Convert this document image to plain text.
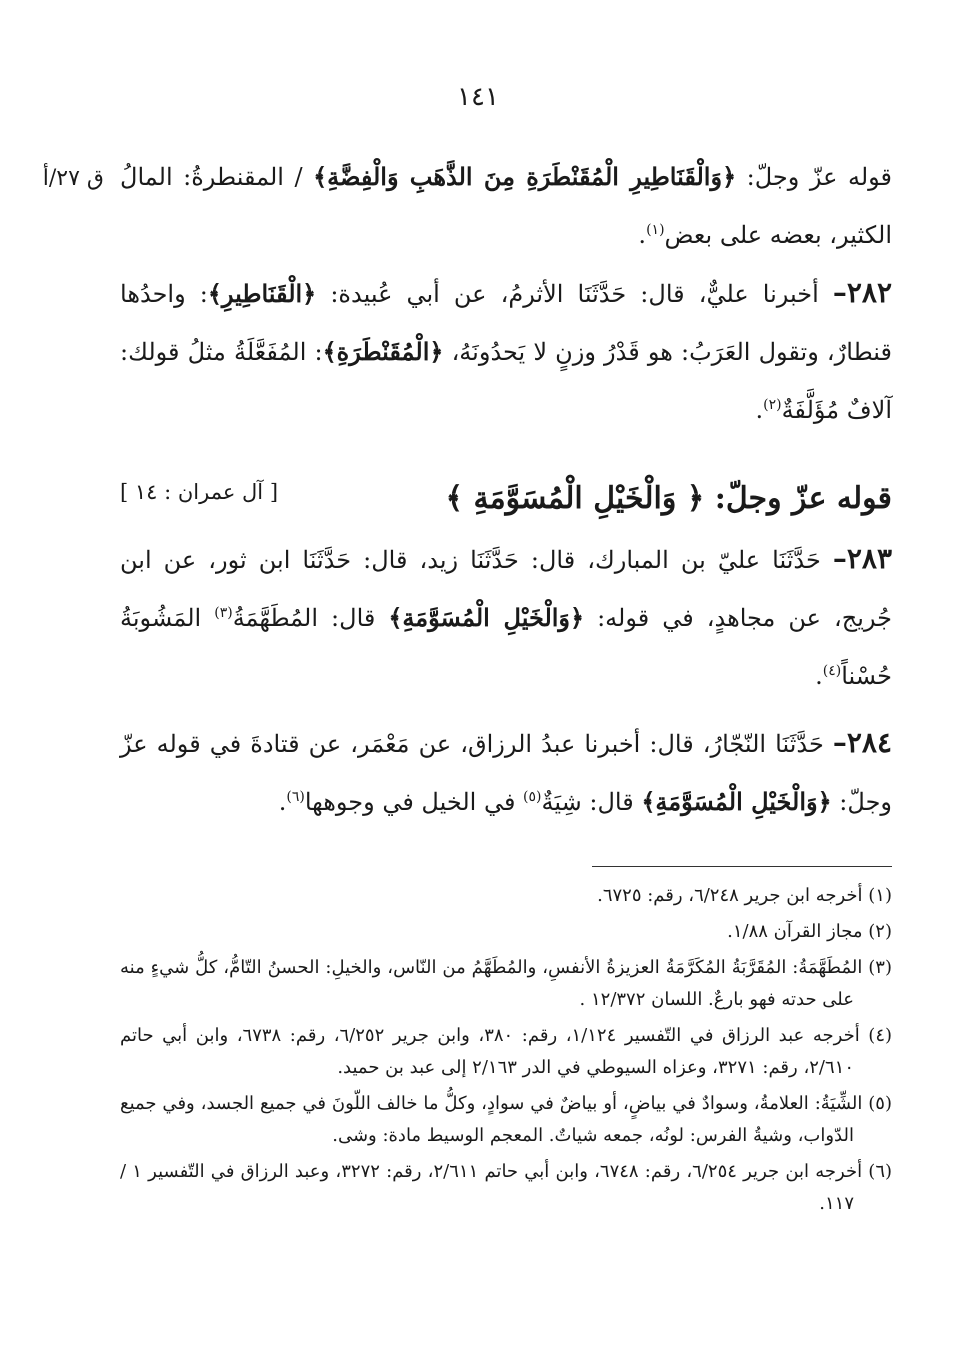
١٤١
ق ٢٧/أ	قوله عزّ وجلّ: ﴿وَالْقَنَاطِيرِ الْمُقَنْطَرَةِ مِنَ الذَّهَبِ وَالْفِضَّةِ﴾ / المقنطرةُ: المالُ الكثير، بعضه على بعض$^{(١)}$.
٢٨٢– أخبرنا عليٌّ، قال: حَدَّثَنَا الأثرمُ، عن أبي عُبيدة: ﴿الْقَنَاطِيرِ﴾: واحدُها قنطارٌ، وتقول العَرَبُ: هو قَدْرُ وزنٍ لا يَحدُونَهُ، ﴿الْمُقَنْطَرَةِ﴾: المُفَعَّلَةُ مثلُ قولك: آلافٌ مُؤَلَّفَةٌ$^{(٢)}$.
قوله عزّ وجلّ: ﴿ وَالْخَيْلِ الْمُسَوَّمَةِ ﴾
[ آل عمران : ١٤ ]
٢٨٣– حَدَّثَنَا عليّ بن المبارك، قال: حَدَّثَنَا زيد، قال: حَدَّثَنَا ابن ثور، عن ابن جُريج، عن مجاهدٍ، في قوله: ﴿وَالْخَيْلِ الْمُسَوَّمَةِ﴾ قال: المُطَهَّمَةُ$^{(٣)}$ المَشُوبَةُ حُسْناً$^{(٤)}$.
٢٨٤– حَدَّثَنَا النّجّارُ، قال: أخبرنا عبدُ الرزاق، عن مَعْمَر، عن قتادةَ في قوله عزّ وجلّ: ﴿وَالْخَيْلِ الْمُسَوَّمَةِ﴾ قال: شِيَةٌ$^{(٥)}$ في الخيل في وجوهها$^{(٦)}$.

(١) أخرجه ابن جرير ٦/٢٤٨، رقم: ٦٧٢٥.

(٢) مجاز القرآن ١/٨٨.

(٣) المُطَهَّمَةُ: المُقَرَّبَةُ المُكَرَّمَةُ العزيزةُ الأنفسِ، والمُطَهَّمُ من النّاس، والخيلِ: الحسنُ التّامُّ، كلُّ شيءٍ منه على حدته فهو بارعٌ. اللسان ١٢/٣٧٢ .

(٤) أخرجه عبد الرزاق في التّفسير ١/١٢٤، رقم: ٣٨٠، وابن جرير ٦/٢٥٢، رقم: ٦٧٣٨، وابن أبي حاتم ٢/٦١٠، رقم: ٣٢٧١، وعزاه السيوطي في الدر ٢/١٦٣ إلى عبد بن حميد.

(٥) الشِّيَةُ: العلامةُ، وسوادٌ في بياضٍ، أو بياضٌ في سوادٍ، وكلُّ ما خالف اللّونَ في جميع الجسد، وفي جميع الدّواب، وشيةُ الفرس: لونُه، جمعه شياتٌ. المعجم الوسيط مادة: وشى.

(٦) أخرجه ابن جرير ٦/٢٥٤، رقم: ٦٧٤٨، وابن أبي حاتم ٢/٦١١، رقم: ٣٢٧٢، وعبد الرزاق في التّفسير ١ /١١٧.
